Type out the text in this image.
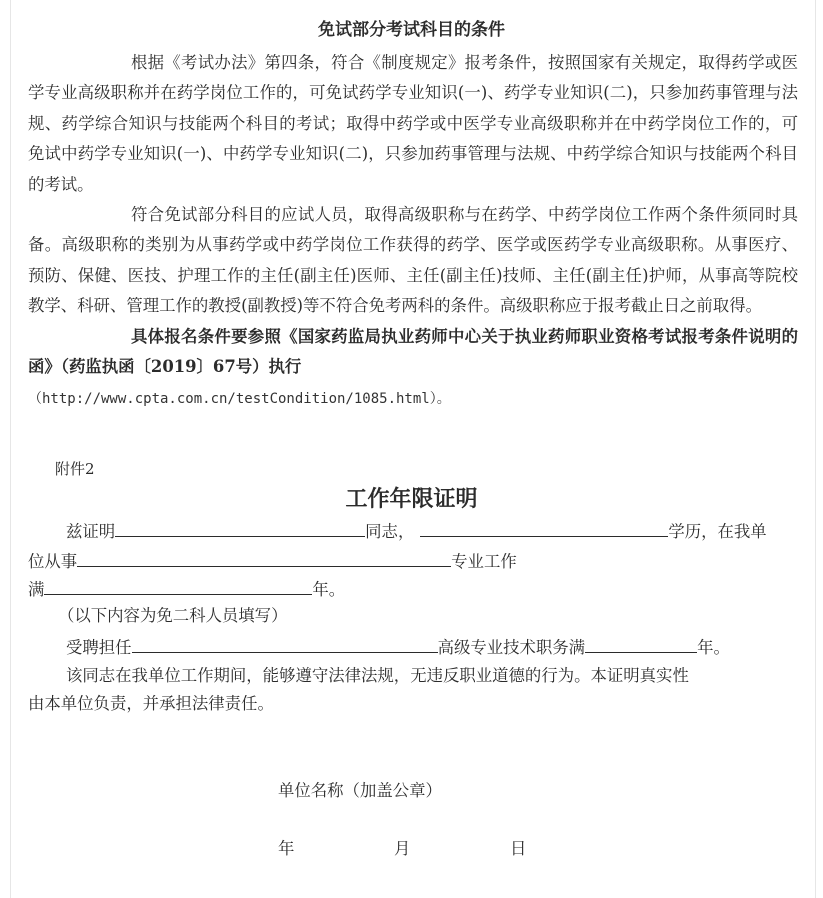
免试部分考试科目的条件

根据《考试办法》第四条，符合《制度规定》报考条件，按照国家有关规定，取得药学或医学专业高级职称并在药学岗位工作的，可免试药学专业知识(一)、药学专业知识(二)，只参加药事管理与法规、药学综合知识与技能两个科目的考试；取得中药学或中医学专业高级职称并在中药学岗位工作的，可免试中药学专业知识(一)、中药学专业知识(二)，只参加药事管理与法规、中药学综合知识与技能两个科目的考试。

符合免试部分科目的应试人员，取得高级职称与在药学、中药学岗位工作两个条件须同时具备。高级职称的类别为从事药学或中药学岗位工作获得的药学、医学或医药学专业高级职称。从事医疗、预防、保健、医技、护理工作的主任(副主任)医师、主任(副主任)技师、主任(副主任)护师，从事高等院校教学、科研、管理工作的教授(副教授)等不符合免考两科的条件。高级职称应于报考截止日之前取得。

具体报名条件要参照《国家药监局执业药师中心关于执业药师职业资格考试报考条件说明的函》（药监执函〔2019〕67号）执行

（http://www.cpta.com.cn/testCondition/1085.html）。
附件2
工作年限证明
兹证明	同志，	学历，在我单
位从事	专业工作
满	年。
（以下内容为免二科人员填写）
受聘担任	高级专业技术职务满	年。
该同志在我单位工作期间，能够遵守法律法规，无违反职业道德的行为。本证明真实性
由本单位负责，并承担法律责任。
单位名称（加盖公章）
年	月	日
